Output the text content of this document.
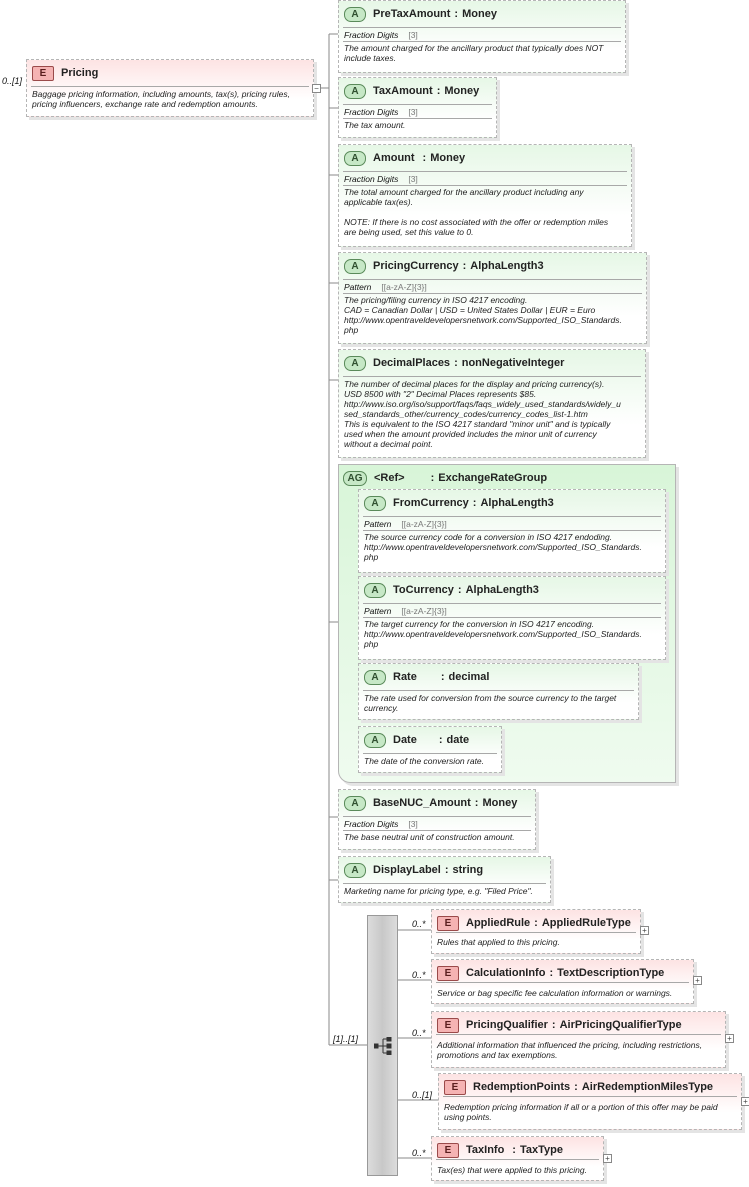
0..[1]
E	Pricing
Baggage pricing information, including amounts, tax(s), pricing rules,
pricing influencers, exchange rate and redemption amounts.
−
A	PreTaxAmount : Money
Fraction Digits [3]
The amount charged for the ancillary product that typically does NOT
include taxes.
A	TaxAmount : Money
Fraction Digits [3]
The tax amount.
A	Amount : Money
Fraction Digits [3]
The total amount charged for the ancillary product including any
applicable tax(es).

NOTE: If there is no cost associated with the offer or redemption miles
are being used, set this value to 0.
A	PricingCurrency : AlphaLength3
Pattern [[a-zA-Z]{3}]
The pricing/filing currency in ISO 4217 encoding.
CAD = Canadian Dollar | USD = United States Dollar | EUR = Euro
http://www.opentraveldevelopersnetwork.com/Supported_ISO_Standards.
php
A	DecimalPlaces : nonNegativeInteger
The number of decimal places for the display and pricing currency(s).
USD 8500 with "2" Decimal Places represents $85.
http://www.iso.org/iso/support/faqs/faqs_widely_used_standards/widely_u
sed_standards_other/currency_codes/currency_codes_list-1.htm
This is equivalent to the ISO 4217 standard "minor unit" and is typically
used when the amount provided includes the minor unit of currency
without a decimal point.
AG	<Ref> : ExchangeRateGroup
A	FromCurrency : AlphaLength3
Pattern [[a-zA-Z]{3}]
The source currency code for a conversion in ISO 4217 endoding.
http://www.opentraveldevelopersnetwork.com/Supported_ISO_Standards.
php
A	ToCurrency : AlphaLength3
Pattern [[a-zA-Z]{3}]
The target currency for the conversion in ISO 4217 encoding.
http://www.opentraveldevelopersnetwork.com/Supported_ISO_Standards.
php
A	Rate : decimal
The rate used for conversion from the source currency to the target
currency.
A	Date : date
The date of the conversion rate.
A	BaseNUC_Amount : Money
Fraction Digits [3]
The base neutral unit of construction amount.
A	DisplayLabel : string
Marketing name for pricing type, e.g. "Filed Price".
[1]..[1]
0..*	E	AppliedRule : AppliedRuleType
Rules that applied to this pricing.
+
0..*	E	CalculationInfo : TextDescriptionType
Service or bag specific fee calculation information or warnings.
+
0..*
E	PricingQualifier : AirPricingQualifierType
Additional information that influenced the pricing, including restrictions,
promotions and tax exemptions.
+
0..[1]
E	RedemptionPoints : AirRedemptionMilesType
Redemption pricing information if all or a portion of this offer may be paid
using points.
+
0..*	E	TaxInfo : TaxType
Tax(es) that were applied to this pricing.
+
